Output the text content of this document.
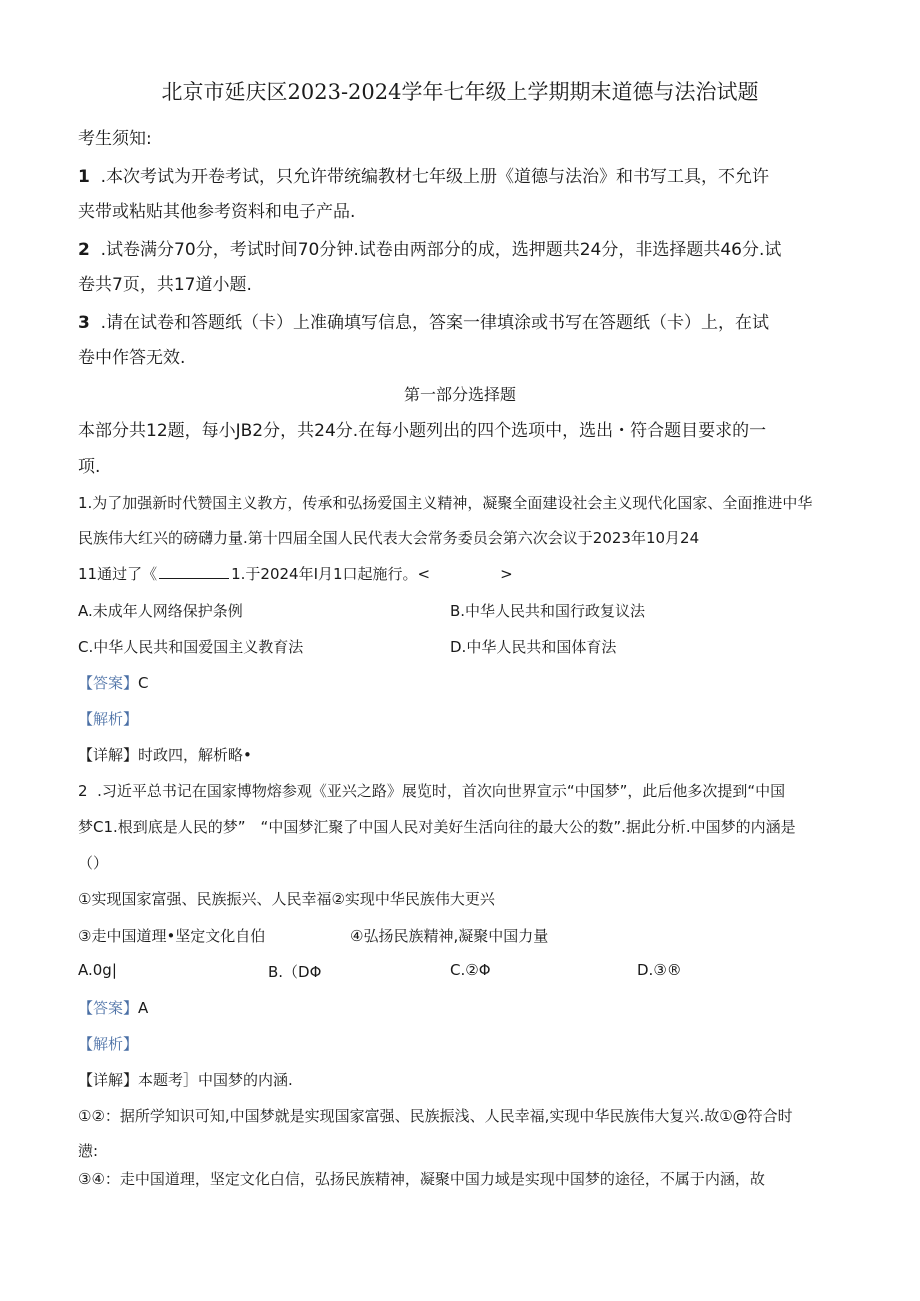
北京市延庆区2023-2024学年七年级上学期期末道德与法治试题
考生须知:
1 .本次考试为开卷考试，只允许带统编教材七年级上册《道德与法治》和书写工具，不允许
夹带或粘贴其他参考资料和电子产品.
2 .试卷满分70分，考试时间70分钟.试卷由两部分的成，选押题共24分，非选择题共46分.试
卷共7页，共17道小题.
3 .请在试卷和答题纸（卡）上准确填写信息，答案一律填涂或书写在答题纸（卡）上，在试
卷中作答无效.
第一部分选择题
本部分共12题，每小JB2分，共24分.在每小题列出的四个选项中，选出・符合题目要求的一
项.
1.为了加强新时代赞国主义教方，传承和弘扬爱国主义精神，凝聚全面建设社会主义现代化国家、全面推进中华
民族伟大红兴的磅礴力量.第十四届全国人民代表大会常务委员会第六次会议于2023年10月24
11通过了《	1.于2024年Ⅰ月1口起施行。<	>
A.未成年人网络保护条例	B.中华人民共和国行政复议法
C.中华人民共和国爱国主义教育法	D.中华人民共和国体育法
【答案】C
【解析】
【详解】时政四，解析略•
2 .习近平总书记在国家博物熔参观《亚兴之路》展览时，首次向世界宣示“中国梦”，此后他多次提到“中国
梦C1.根到底是人民的梦”　“中国梦汇聚了中国人民对美好生活向往的最大公的数”.据此分析.中国梦的内涵是
（）
①实现国家富强、民族振兴、人民幸福②实现中华民族伟大更兴
③走中国道理•坚定文化自伯	④弘扬民族精神,凝聚中国力量
A.0g|	B.（DΦ	C.②Φ	D.③®
【答案】A
【解析】
【详解】本题考］中国梦的内涵.
①②：据所学知识可知,中国梦就是实现国家富强、民族振浅、人民幸福,实现中华民族伟大复兴.故①@符合时
懑:
③④：走中国道理，坚定文化白信，弘扬民族精神，凝聚中国力域是实现中国梦的途径，不属于内涵，故
